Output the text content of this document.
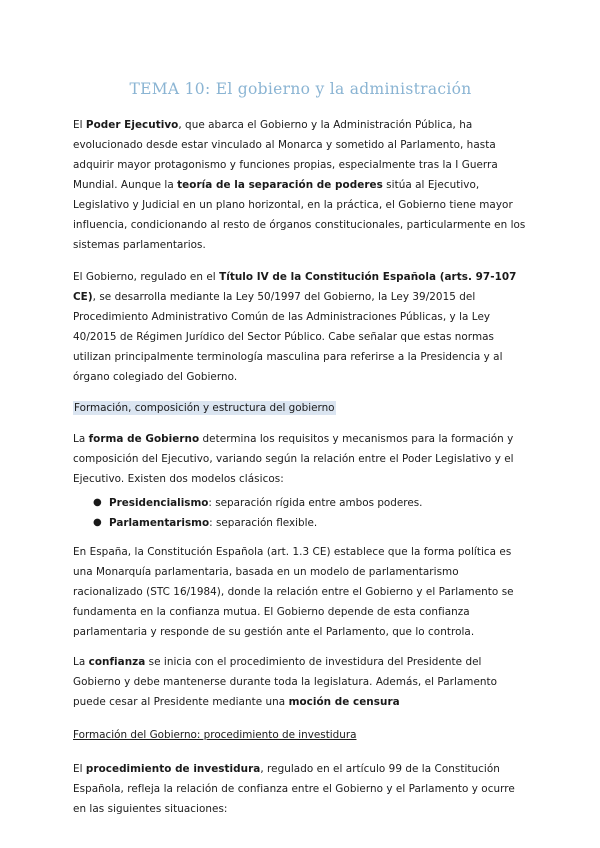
TEMA 10: El gobierno y la administración

El Poder Ejecutivo, que abarca el Gobierno y la Administración Pública, ha evolucionado desde estar vinculado al Monarca y sometido al Parlamento, hasta adquirir mayor protagonismo y funciones propias, especialmente tras la I Guerra Mundial. Aunque la teoría de la separación de poderes sitúa al Ejecutivo, Legislativo y Judicial en un plano horizontal, en la práctica, el Gobierno tiene mayor influencia, condicionando al resto de órganos constitucionales, particularmente en los sistemas parlamentarios.

El Gobierno, regulado en el Título IV de la Constitución Española (arts. 97-107 CE), se desarrolla mediante la Ley 50/1997 del Gobierno, la Ley 39/2015 del Procedimiento Administrativo Común de las Administraciones Públicas, y la Ley 40/2015 de Régimen Jurídico del Sector Público. Cabe señalar que estas normas utilizan principalmente terminología masculina para referirse a la Presidencia y al órgano colegiado del Gobierno.

Formación, composición y estructura del gobierno

La forma de Gobierno determina los requisitos y mecanismos para la formación y composición del Ejecutivo, variando según la relación entre el Poder Legislativo y el Ejecutivo. Existen dos modelos clásicos:

● Presidencialismo: separación rígida entre ambos poderes.
● Parlamentarismo: separación flexible.

En España, la Constitución Española (art. 1.3 CE) establece que la forma política es una Monarquía parlamentaria, basada en un modelo de parlamentarismo racionalizado (STC 16/1984), donde la relación entre el Gobierno y el Parlamento se fundamenta en la confianza mutua. El Gobierno depende de esta confianza parlamentaria y responde de su gestión ante el Parlamento, que lo controla.

La confianza se inicia con el procedimiento de investidura del Presidente del Gobierno y debe mantenerse durante toda la legislatura. Además, el Parlamento puede cesar al Presidente mediante una moción de censura

Formación del Gobierno: procedimiento de investidura

El procedimiento de investidura, regulado en el artículo 99 de la Constitución Española, refleja la relación de confianza entre el Gobierno y el Parlamento y ocurre en las siguientes situaciones:
